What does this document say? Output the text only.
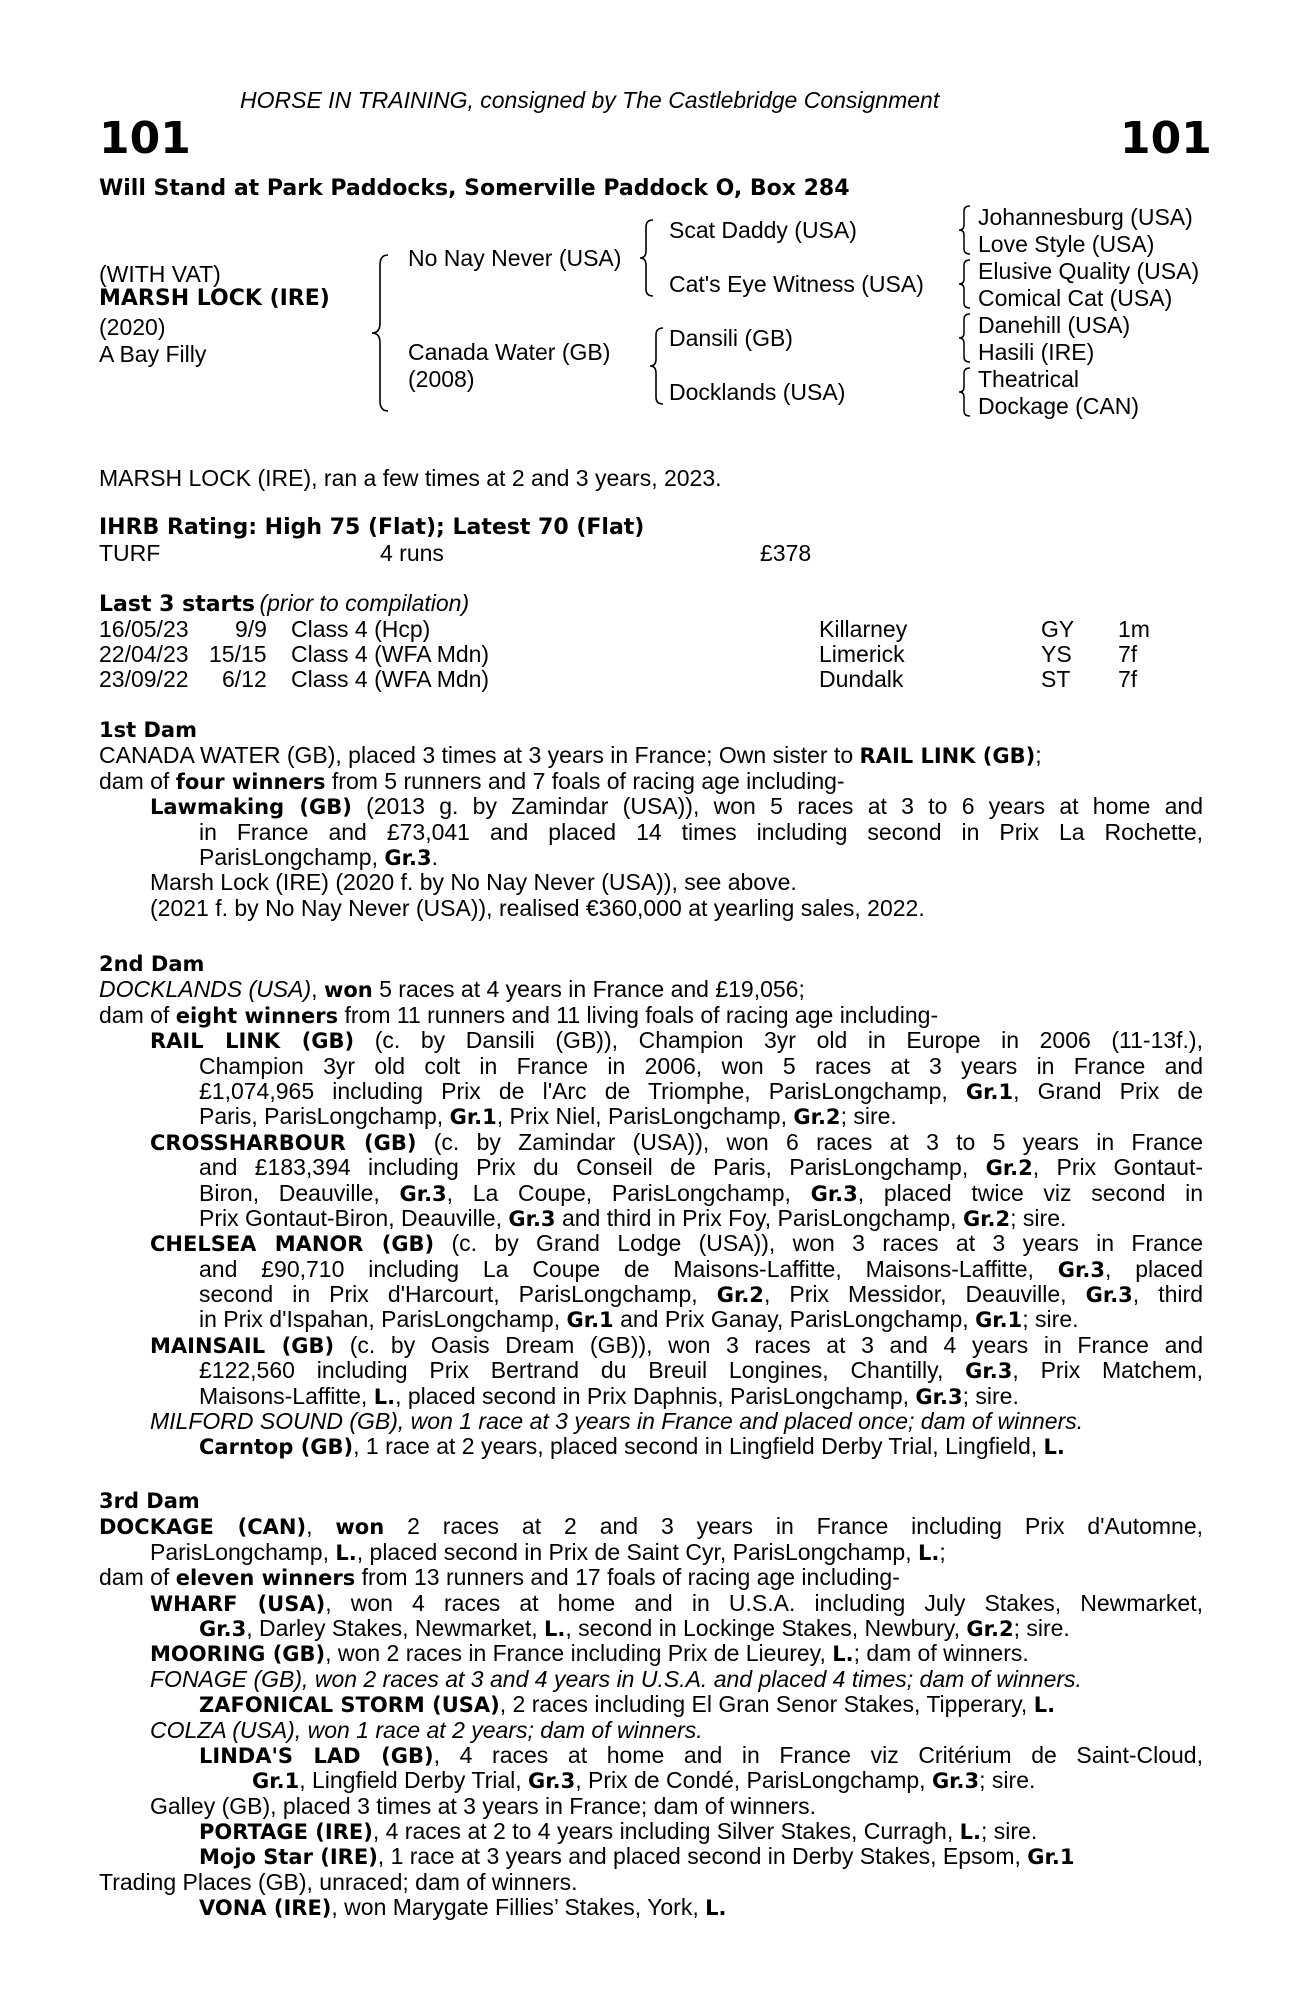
HORSE IN TRAINING, consigned by The Castlebridge Consignment
101	101
Will Stand at Park Paddocks, Somerville Paddock O, Box 284
(WITH VAT)
MARSH LOCK (IRE)
(2020)
A Bay Filly
No Nay Never (USA)
Canada Water (GB)
(2008)
Scat Daddy (USA)
Cat's Eye Witness (USA)
Dansili (GB)
Docklands (USA)
Johannesburg (USA)
Love Style (USA)
Elusive Quality (USA)
Comical Cat (USA)
Danehill (USA)
Hasili (IRE)
Theatrical
Dockage (CAN)
MARSH LOCK (IRE), ran a few times at 2 and 3 years, 2023.
IHRB Rating: High 75 (Flat); Latest 70 (Flat)
TURF	4 runs	£378
Last 3 starts (prior to compilation)
16/05/23 9/9 Class 4 (Hcp)	Killarney	GY 1m
22/04/23 15/15 Class 4 (WFA Mdn)	Limerick	YS 7f
23/09/22 6/12 Class 4 (WFA Mdn)	Dundalk	ST 7f
1st Dam
CANADA WATER (GB), placed 3 times at 3 years in France; Own sister to RAIL LINK (GB);
dam of four winners from 5 runners and 7 foals of racing age including-
Lawmaking (GB) (2013 g. by Zamindar (USA)), won 5 races at 3 to 6 years at home and
in France and £73,041 and placed 14 times including second in Prix La Rochette,
ParisLongchamp, Gr.3.
Marsh Lock (IRE) (2020 f. by No Nay Never (USA)), see above.
(2021 f. by No Nay Never (USA)), realised €360,000 at yearling sales, 2022.
2nd Dam
DOCKLANDS (USA), won 5 races at 4 years in France and £19,056;
dam of eight winners from 11 runners and 11 living foals of racing age including-
RAIL LINK (GB) (c. by Dansili (GB)), Champion 3yr old in Europe in 2006 (11-13f.),
Champion 3yr old colt in France in 2006, won 5 races at 3 years in France and
£1,074,965 including Prix de l'Arc de Triomphe, ParisLongchamp, Gr.1, Grand Prix de
Paris, ParisLongchamp, Gr.1, Prix Niel, ParisLongchamp, Gr.2; sire.
CROSSHARBOUR (GB) (c. by Zamindar (USA)), won 6 races at 3 to 5 years in France
and £183,394 including Prix du Conseil de Paris, ParisLongchamp, Gr.2, Prix Gontaut-
Biron, Deauville, Gr.3, La Coupe, ParisLongchamp, Gr.3, placed twice viz second in
Prix Gontaut-Biron, Deauville, Gr.3 and third in Prix Foy, ParisLongchamp, Gr.2; sire.
CHELSEA MANOR (GB) (c. by Grand Lodge (USA)), won 3 races at 3 years in France
and £90,710 including La Coupe de Maisons-Laffitte, Maisons-Laffitte, Gr.3, placed
second in Prix d'Harcourt, ParisLongchamp, Gr.2, Prix Messidor, Deauville, Gr.3, third
in Prix d'Ispahan, ParisLongchamp, Gr.1 and Prix Ganay, ParisLongchamp, Gr.1; sire.
MAINSAIL (GB) (c. by Oasis Dream (GB)), won 3 races at 3 and 4 years in France and
£122,560 including Prix Bertrand du Breuil Longines, Chantilly, Gr.3, Prix Matchem,
Maisons-Laffitte, L., placed second in Prix Daphnis, ParisLongchamp, Gr.3; sire.
MILFORD SOUND (GB), won 1 race at 3 years in France and placed once; dam of winners.
Carntop (GB), 1 race at 2 years, placed second in Lingfield Derby Trial, Lingfield, L.
3rd Dam
DOCKAGE (CAN), won 2 races at 2 and 3 years in France including Prix d'Automne,
ParisLongchamp, L., placed second in Prix de Saint Cyr, ParisLongchamp, L.;
dam of eleven winners from 13 runners and 17 foals of racing age including-
WHARF (USA), won 4 races at home and in U.S.A. including July Stakes, Newmarket,
Gr.3, Darley Stakes, Newmarket, L., second in Lockinge Stakes, Newbury, Gr.2; sire.
MOORING (GB), won 2 races in France including Prix de Lieurey, L.; dam of winners.
FONAGE (GB), won 2 races at 3 and 4 years in U.S.A. and placed 4 times; dam of winners.
ZAFONICAL STORM (USA), 2 races including El Gran Senor Stakes, Tipperary, L.
COLZA (USA), won 1 race at 2 years; dam of winners.
LINDA'S LAD (GB), 4 races at home and in France viz Critérium de Saint-Cloud,
Gr.1, Lingfield Derby Trial, Gr.3, Prix de Condé, ParisLongchamp, Gr.3; sire.
Galley (GB), placed 3 times at 3 years in France; dam of winners.
PORTAGE (IRE), 4 races at 2 to 4 years including Silver Stakes, Curragh, L.; sire.
Mojo Star (IRE), 1 race at 3 years and placed second in Derby Stakes, Epsom, Gr.1
Trading Places (GB), unraced; dam of winners.
VONA (IRE), won Marygate Fillies’ Stakes, York, L.
